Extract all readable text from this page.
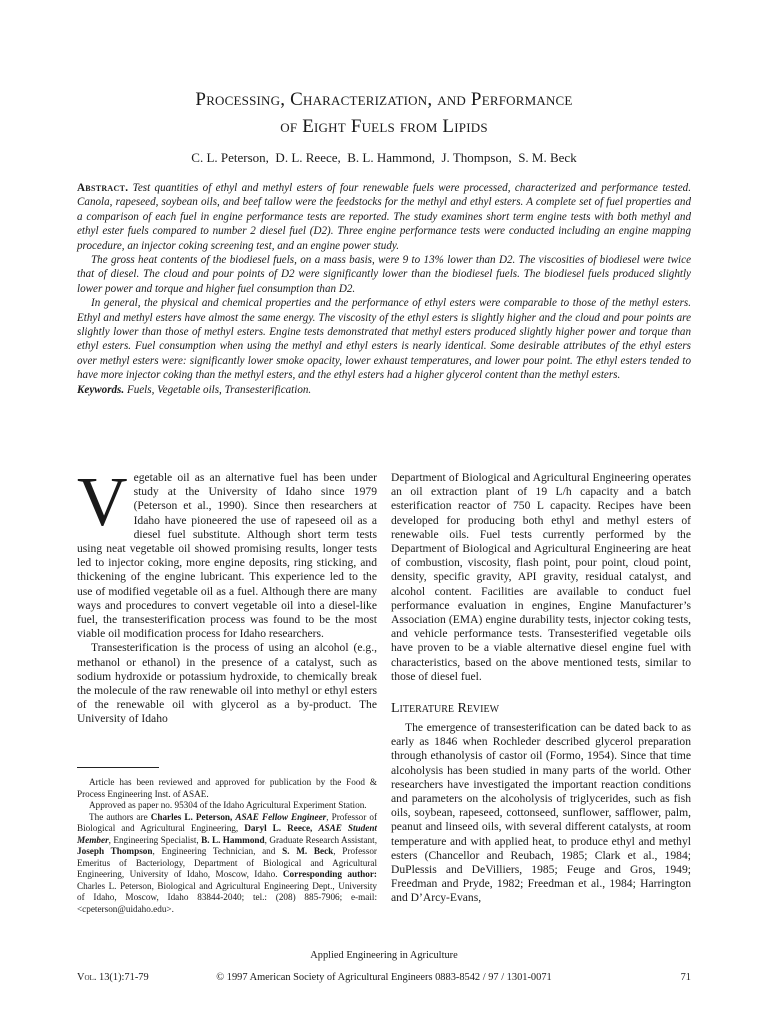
Processing, Characterization, and Performance
of Eight Fuels from Lipids
C. L. Peterson,  D. L. Reece,  B. L. Hammond,  J. Thompson,  S. M. Beck

Abstract. Test quantities of ethyl and methyl esters of four renewable fuels were processed, characterized and performance tested. Canola, rapeseed, soybean oils, and beef tallow were the feedstocks for the methyl and ethyl esters. A complete set of fuel properties and a comparison of each fuel in engine performance tests are reported. The study examines short term engine tests with both methyl and ethyl ester fuels compared to number 2 diesel fuel (D2). Three engine performance tests were conducted including an engine mapping procedure, an injector coking screening test, and an engine power study.

The gross heat contents of the biodiesel fuels, on a mass basis, were 9 to 13% lower than D2. The viscosities of biodiesel were twice that of diesel. The cloud and pour points of D2 were significantly lower than the biodiesel fuels. The biodiesel fuels produced slightly lower power and torque and higher fuel consumption than D2.

In general, the physical and chemical properties and the performance of ethyl esters were comparable to those of the methyl esters. Ethyl and methyl esters have almost the same energy. The viscosity of the ethyl esters is slightly higher and the cloud and pour points are slightly lower than those of methyl esters. Engine tests demonstrated that methyl esters produced slightly higher power and torque than ethyl esters. Fuel consumption when using the methyl and ethyl esters is nearly identical. Some desirable attributes of the ethyl esters over methyl esters were: significantly lower smoke opacity, lower exhaust temperatures, and lower pour point. The ethyl esters tended to have more injector coking than the methyl esters, and the ethyl esters had a higher glycerol content than the methyl esters.

Keywords. Fuels, Vegetable oils, Transesterification.

Vegetable oil as an alternative fuel has been under study at the University of Idaho since 1979 (Peterson et al., 1990). Since then researchers at Idaho have pioneered the use of rapeseed oil as a diesel fuel substitute. Although short term tests using neat vegetable oil showed promising results, longer tests led to injector coking, more engine deposits, ring sticking, and thickening of the engine lubricant. This experience led to the use of modified vegetable oil as a fuel. Although there are many ways and procedures to convert vegetable oil into a diesel-like fuel, the transesterification process was found to be the most viable oil modification process for Idaho researchers.

Transesterification is the process of using an alcohol (e.g., methanol or ethanol) in the presence of a catalyst, such as sodium hydroxide or potassium hydroxide, to chemically break the molecule of the raw renewable oil into methyl or ethyl esters of the renewable oil with glycerol as a by-product. The University of Idaho

Department of Biological and Agricultural Engineering operates an oil extraction plant of 19 L/h capacity and a batch esterification reactor of 750 L capacity. Recipes have been developed for producing both ethyl and methyl esters of renewable oils. Fuel tests currently performed by the Department of Biological and Agricultural Engineering are heat of combustion, viscosity, flash point, pour point, cloud point, density, specific gravity, API gravity, residual catalyst, and alcohol content. Facilities are available to conduct fuel performance evaluation in engines, Engine Manufacturer’s Association (EMA) engine durability tests, injector coking tests, and vehicle performance tests. Transesterified vegetable oils have proven to be a viable alternative diesel engine fuel with characteristics, based on the above mentioned tests, similar to those of diesel fuel.

Literature Review

The emergence of transesterification can be dated back to as early as 1846 when Rochleder described glycerol preparation through ethanolysis of castor oil (Formo, 1954). Since that time alcoholysis has been studied in many parts of the world. Other researchers have investigated the important reaction conditions and parameters on the alcoholysis of triglycerides, such as fish oils, soybean, rapeseed, cottonseed, sunflower, safflower, palm, peanut and linseed oils, with several different catalysts, at room temperature and with applied heat, to produce ethyl and methyl esters (Chancellor and Reubach, 1985; Clark et al., 1984; DuPlessis and DeVilliers, 1985; Feuge and Gros, 1949; Freedman and Pryde, 1982; Freedman et al., 1984; Harrington and D’Arcy-Evans,

Article has been reviewed and approved for publication by the Food & Process Engineering Inst. of ASAE.

Approved as paper no. 95304 of the Idaho Agricultural Experiment Station.

The authors are Charles L. Peterson, ASAE Fellow Engineer, Professor of Biological and Agricultural Engineering, Daryl L. Reece, ASAE Student Member, Engineering Specialist, B. L. Hammond, Graduate Research Assistant, Joseph Thompson, Engineering Technician, and S. M. Beck, Professor Emeritus of Bacteriology, Department of Biological and Agricultural Engineering, University of Idaho, Moscow, Idaho. Corresponding author: Charles L. Peterson, Biological and Agricultural Engineering Dept., University of Idaho, Moscow, Idaho 83844-2040; tel.: (208) 885-7906; e-mail: <cpeterson@uidaho.edu>.

Applied Engineering in Agriculture
© 1997 American Society of Agricultural Engineers 0883-8542 / 97 / 1301-0071
Vol. 13(1):71-79	71
